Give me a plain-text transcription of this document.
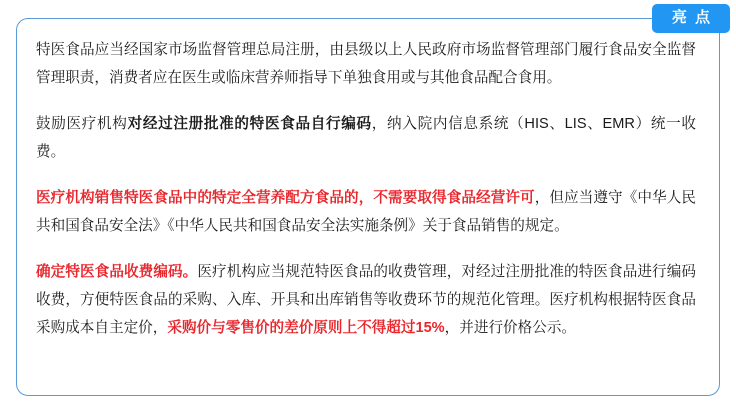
亮 点

特医食品应当经国家市场监督管理总局注册，由县级以上人民政府市场监督管理部门履行食品安全监督管理职责，消费者应在医生或临床营养师指导下单独食用或与其他食品配合食用。

鼓励医疗机构对经过注册批准的特医食品自行编码，纳入院内信息系统（HIS、LIS、EMR）统一收费。

医疗机构销售特医食品中的特定全营养配方食品的，不需要取得食品经营许可，但应当遵守《中华人民共和国食品安全法》《中华人民共和国食品安全法实施条例》关于食品销售的规定。

确定特医食品收费编码。医疗机构应当规范特医食品的收费管理，对经过注册批准的特医食品进行编码收费，方便特医食品的采购、入库、开具和出库销售等收费环节的规范化管理。医疗机构根据特医食品采购成本自主定价，采购价与零售价的差价原则上不得超过15%，并进行价格公示。
